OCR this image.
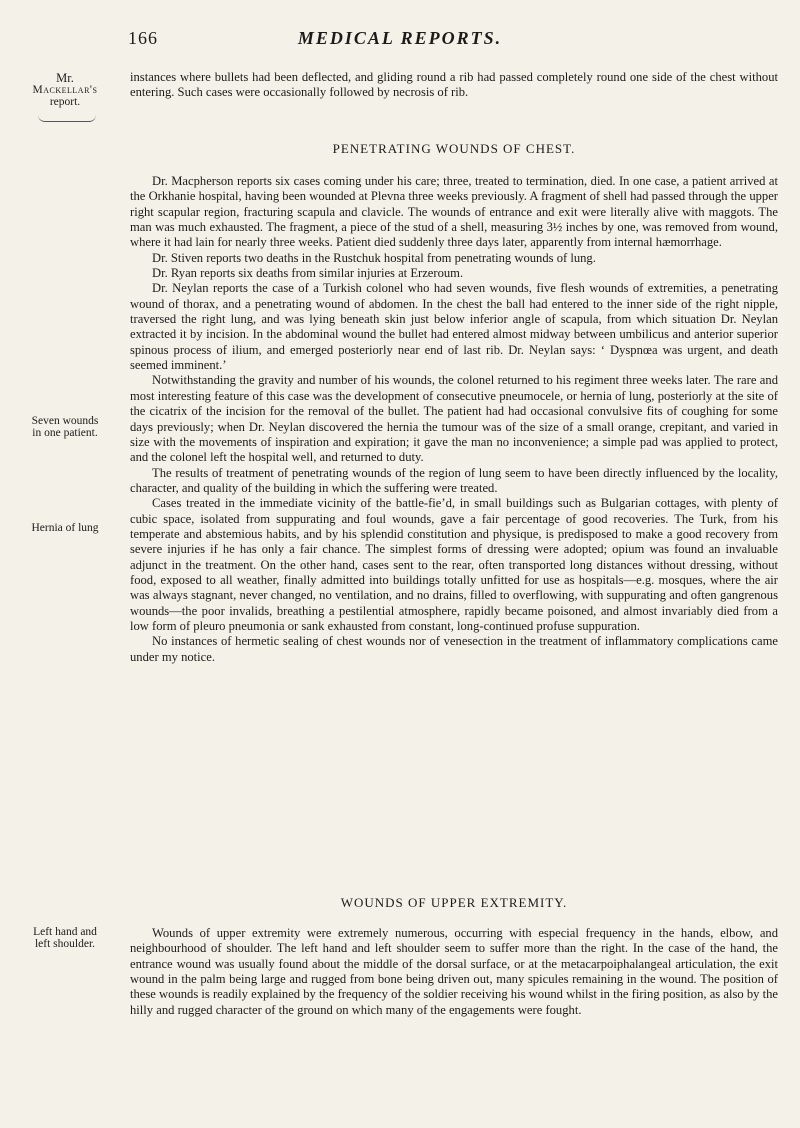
166	MEDICAL REPORTS.
Mr.
Mackellar's
report.
Seven wounds
in one patient.
Hernia of lung
Left hand and
left shoulder.

instances where bullets had been deflected, and gliding round a rib had passed completely round one side of the chest without entering. Such cases were occasionally followed by necrosis of rib.

PENETRATING WOUNDS OF CHEST.

Dr. Macpherson reports six cases coming under his care; three, treated to termination, died. In one case, a patient arrived at the Orkhanie hospital, having been wounded at Plevna three weeks previously. A fragment of shell had passed through the upper right scapular region, fracturing scapula and clavicle. The wounds of entrance and exit were literally alive with maggots. The man was much exhausted. The fragment, a piece of the stud of a shell, measuring 3½ inches by one, was removed from wound, where it had lain for nearly three weeks. Patient died suddenly three days later, apparently from internal hæmorrhage.

Dr. Stiven reports two deaths in the Rustchuk hospital from penetrating wounds of lung.

Dr. Ryan reports six deaths from similar injuries at Erzeroum.

Dr. Neylan reports the case of a Turkish colonel who had seven wounds, five flesh wounds of extremities, a penetrating wound of thorax, and a penetrating wound of abdomen. In the chest the ball had entered to the inner side of the right nipple, traversed the right lung, and was lying beneath skin just below inferior angle of scapula, from which situation Dr. Neylan extracted it by incision. In the abdominal wound the bullet had entered almost midway between umbilicus and anterior superior spinous process of ilium, and emerged posteriorly near end of last rib. Dr. Neylan says: ‘ Dyspnœa was urgent, and death seemed imminent.’

Notwithstanding the gravity and number of his wounds, the colonel returned to his regiment three weeks later. The rare and most interesting feature of this case was the development of consecutive pneumocele, or hernia of lung, posteriorly at the site of the cicatrix of the incision for the removal of the bullet. The patient had had occasional convulsive fits of coughing for some days previously; when Dr. Neylan discovered the hernia the tumour was of the size of a small orange, crepitant, and varied in size with the movements of inspiration and expiration; it gave the man no inconvenience; a simple pad was applied to protect, and the colonel left the hospital well, and returned to duty.

The results of treatment of penetrating wounds of the region of lung seem to have been directly influenced by the locality, character, and quality of the building in which the suffering were treated.

Cases treated in the immediate vicinity of the battle-fie’d, in small buildings such as Bulgarian cottages, with plenty of cubic space, isolated from suppurating and foul wounds, gave a fair percentage of good recoveries. The Turk, from his temperate and abstemious habits, and by his splendid constitution and physique, is predisposed to make a good recovery from severe injuries if he has only a fair chance. The simplest forms of dressing were adopted; opium was found an invaluable adjunct in the treatment. On the other hand, cases sent to the rear, often transported long distances without dressing, without food, exposed to all weather, finally admitted into buildings totally unfitted for use as hospitals—e.g. mosques, where the air was always stagnant, never changed, no ventilation, and no drains, filled to overflowing, with suppurating and often gangrenous wounds—the poor invalids, breathing a pestilential atmosphere, rapidly became poisoned, and almost invariably died from a low form of pleuro pneumonia or sank exhausted from constant, long-continued profuse suppuration.

No instances of hermetic sealing of chest wounds nor of venesection in the treatment of inflammatory complications came under my notice.

WOUNDS OF UPPER EXTREMITY.

Wounds of upper extremity were extremely numerous, occurring with especial frequency in the hands, elbow, and neighbourhood of shoulder. The left hand and left shoulder seem to suffer more than the right. In the case of the hand, the entrance wound was usually found about the middle of the dorsal surface, or at the metacarpoiphalangeal articulation, the exit wound in the palm being large and rugged from bone being driven out, many spicules remaining in the wound. The position of these wounds is readily explained by the frequency of the soldier receiving his wound whilst in the firing position, as also by the hilly and rugged character of the ground on which many of the engagements were fought.
